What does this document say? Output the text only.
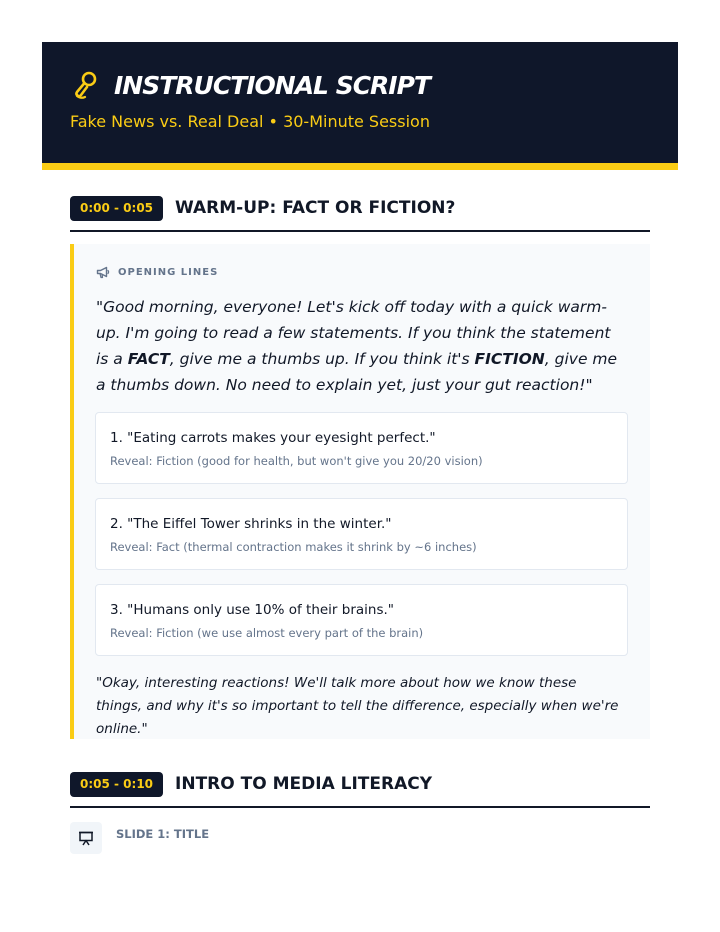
INSTRUCTIONAL SCRIPT
Fake News vs. Real Deal • 30-Minute Session
0:00 - 0:05	WARM-UP: FACT OR FICTION?
OPENING LINES

"Good morning, everyone! Let's kick off today with a quick warm-up. I'm going to read a few statements. If you think the statement is a FACT, give me a thumbs up. If you think it's FICTION, give me a thumbs down. No need to explain yet, just your gut reaction!"

1. "Eating carrots makes your eyesight perfect."
Reveal: Fiction (good for health, but won't give you 20/20 vision)
2. "The Eiffel Tower shrinks in the winter."
Reveal: Fact (thermal contraction makes it shrink by ~6 inches)
3. "Humans only use 10% of their brains."
Reveal: Fiction (we use almost every part of the brain)

"Okay, interesting reactions! We'll talk more about how we know these things, and why it's so important to tell the difference, especially when we're online."

0:05 - 0:10	INTRO TO MEDIA LITERACY
SLIDE 1: TITLE
